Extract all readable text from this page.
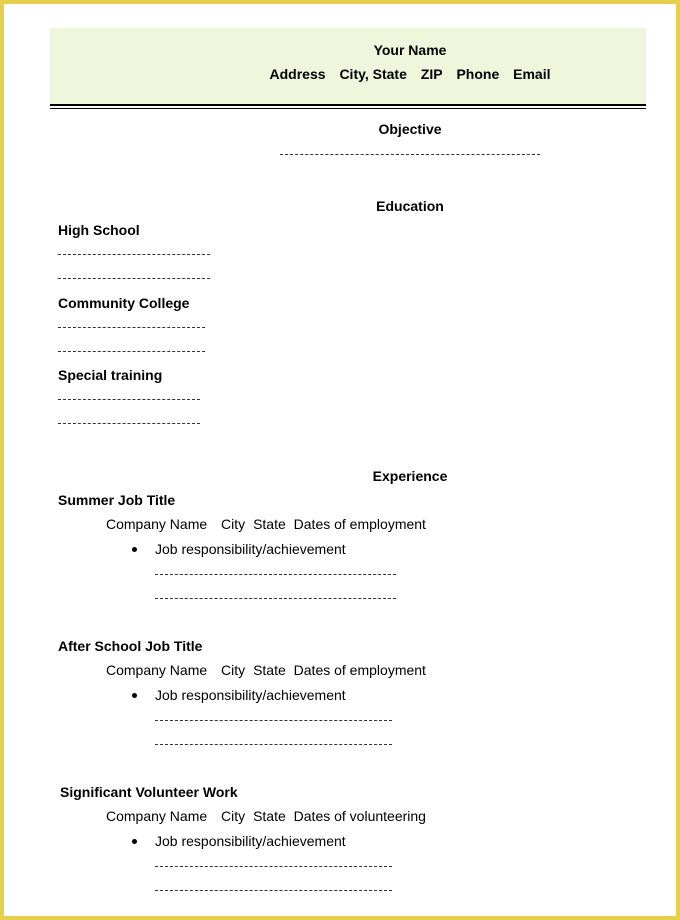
Your Name
Address City, State ZIP Phone Email
Objective
Education
High School
Community College
Special training
Experience
Summer Job Title
Company Name City State Dates of employment
Job responsibility/achievement
After School Job Title
Company Name City State Dates of employment
Job responsibility/achievement
Significant Volunteer Work
Company Name City State Dates of volunteering
Job responsibility/achievement
